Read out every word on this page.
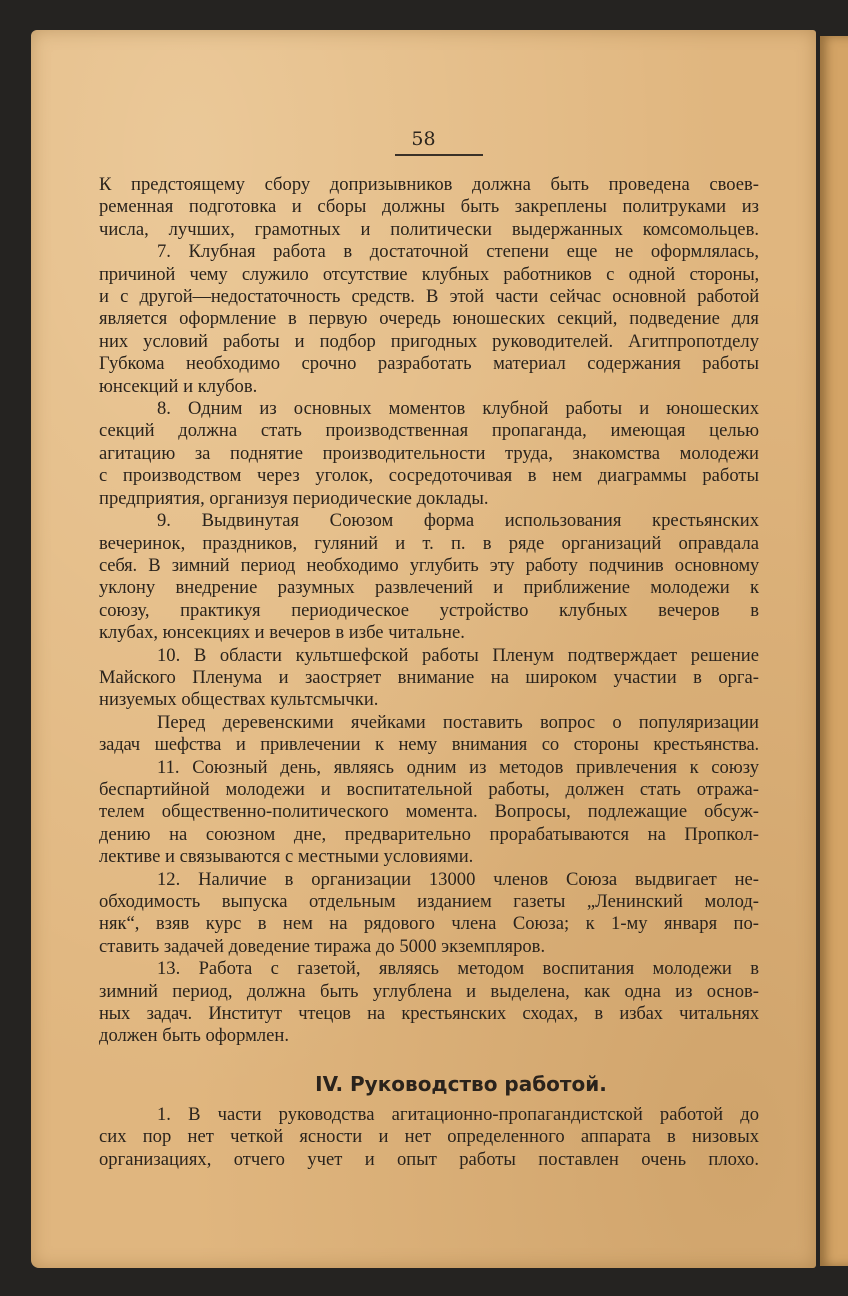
58
К предстоящему сбору допризывников должна быть проведена своев-
ременная подготовка и сборы должны быть закреплены политруками из
числа, лучших, грамотных и политически выдержанных комсомольцев.
7. Клубная работа в достаточной степени еще не оформлялась,
причиной чему служило отсутствие клубных работников с одной стороны,
и с другой—недостаточность средств. В этой части сейчас основной работой
является оформление в первую очередь юношеских секций, подведение для
них условий работы и подбор пригодных руководителей. Агитпропотделу
Губкома необходимо срочно разработать материал содержания работы
юнсекций и клубов.
8. Одним из основных моментов клубной работы и юношеских
секций должна стать производственная пропаганда, имеющая целью
агитацию за поднятие производительности труда, знакомства молодежи
с производством через уголок, сосредоточивая в нем диаграммы работы
предприятия, организуя периодические доклады.
9. Выдвинутая Союзом форма использования крестьянских
вечеринок, праздников, гуляний и т. п. в ряде организаций оправдала
себя. В зимний период необходимо углубить эту работу подчинив основному
уклону внедрение разумных развлечений и приближение молодежи к
союзу, практикуя периодическое устройство клубных вечеров в
клубах, юнсекциях и вечеров в избе читальне.
10. В области культшефской работы Пленум подтверждает решение
Майского Пленума и заостряет внимание на широком участии в орга-
низуемых обществах культсмычки.
Перед деревенскими ячейками поставить вопрос о популяризации
задач шефства и привлечении к нему внимания со стороны крестьянства.
11. Союзный день, являясь одним из методов привлечения к союзу
беспартийной молодежи и воспитательной работы, должен стать отража-
телем общественно-политического момента. Вопросы, подлежащие обсуж-
дению на союзном дне, предварительно прорабатываются на Пропкол-
лективе и связываются с местными условиями.
12. Наличие в организации 13000 членов Союза выдвигает не-
обходимость выпуска отдельным изданием газеты „Ленинский молод-
няк“, взяв курс в нем на рядового члена Союза; к 1-му января по-
ставить задачей доведение тиража до 5000 экземпляров.
13. Работа с газетой, являясь методом воспитания молодежи в
зимний период, должна быть углублена и выделена, как одна из основ-
ных задач. Институт чтецов на крестьянских сходах, в избах читальнях
должен быть оформлен.
IV. Руководство работой.
1. В части руководства агитационно-пропагандистской работой до
сих пор нет четкой ясности и нет определенного аппарата в низовых
организациях, отчего учет и опыт работы поставлен очень плохо.
